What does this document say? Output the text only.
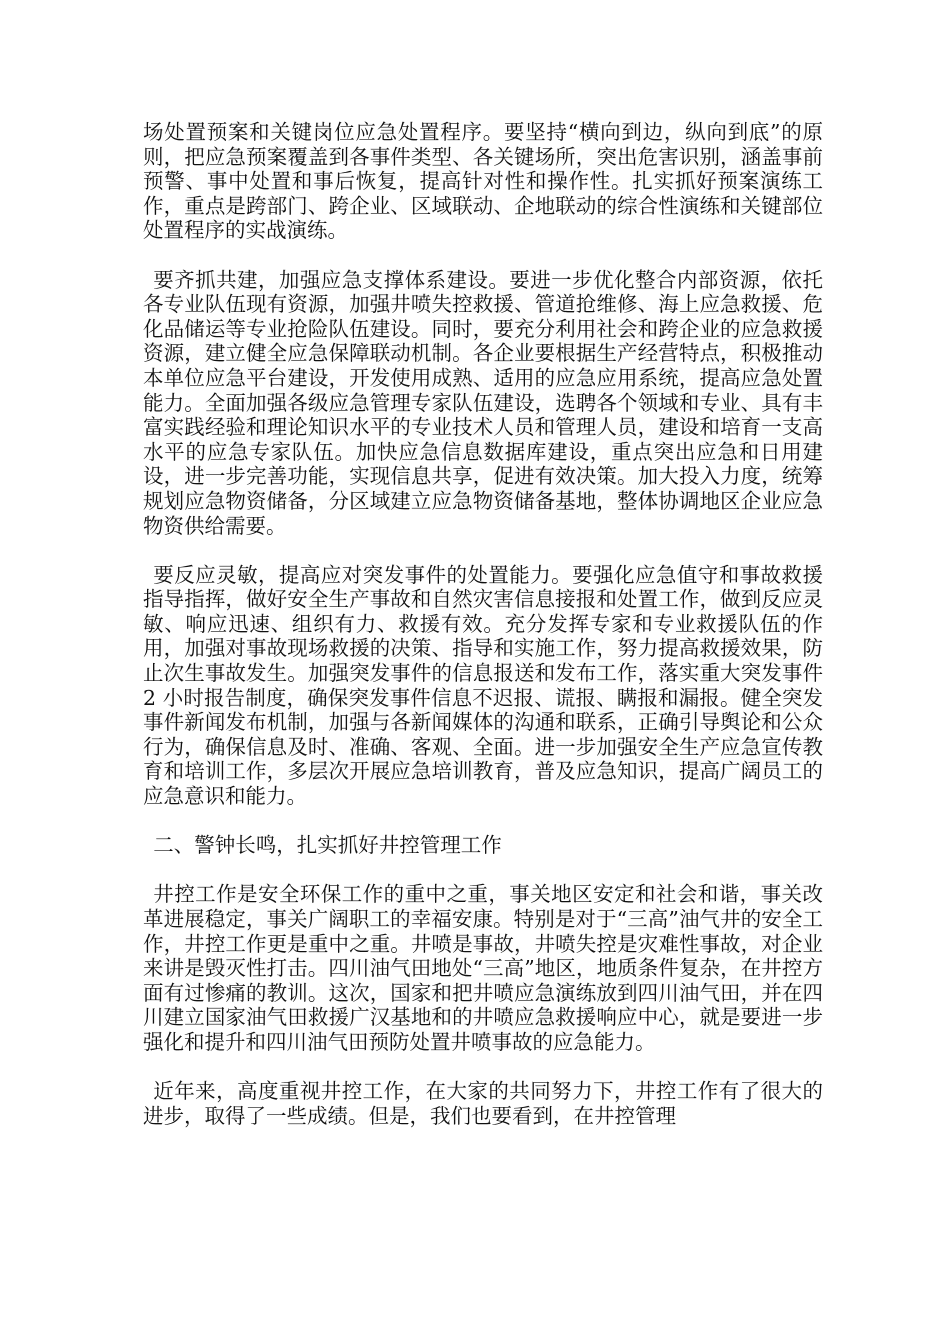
场处置预案和关键岗位应急处置程序。要坚持“横向到边，纵向到底”的原则，把应急预案覆盖到各事件类型、各关键场所，突出危害识别，涵盖事前预警、事中处置和事后恢复，提高针对性和操作性。扎实抓好预案演练工作，重点是跨部门、跨企业、区域联动、企地联动的综合性演练和关键部位处置程序的实战演练。

要齐抓共建，加强应急支撑体系建设。要进一步优化整合内部资源，依托各专业队伍现有资源，加强井喷失控救援、管道抢维修、海上应急救援、危化品储运等专业抢险队伍建设。同时，要充分利用社会和跨企业的应急救援资源，建立健全应急保障联动机制。各企业要根据生产经营特点，积极推动本单位应急平台建设，开发使用成熟、适用的应急应用系统，提高应急处置能力。全面加强各级应急管理专家队伍建设，选聘各个领域和专业、具有丰富实践经验和理论知识水平的专业技术人员和管理人员，建设和培育一支高水平的应急专家队伍。加快应急信息数据库建设，重点突出应急和日用建设，进一步完善功能，实现信息共享，促进有效决策。加大投入力度，统筹规划应急物资储备，分区域建立应急物资储备基地，整体协调地区企业应急物资供给需要。

要反应灵敏，提高应对突发事件的处置能力。要强化应急值守和事故救援指导指挥，做好安全生产事故和自然灾害信息接报和处置工作，做到反应灵敏、响应迅速、组织有力、救援有效。充分发挥专家和专业救援队伍的作用，加强对事故现场救援的决策、指导和实施工作，努力提高救援效果，防止次生事故发生。加强突发事件的信息报送和发布工作，落实重大突发事件 2 小时报告制度，确保突发事件信息不迟报、谎报、瞒报和漏报。健全突发事件新闻发布机制，加强与各新闻媒体的沟通和联系，正确引导舆论和公众行为，确保信息及时、准确、客观、全面。进一步加强安全生产应急宣传教育和培训工作，多层次开展应急培训教育，普及应急知识，提高广阔员工的应急意识和能力。

二、警钟长鸣，扎实抓好井控管理工作

井控工作是安全环保工作的重中之重，事关地区安定和社会和谐，事关改革进展稳定，事关广阔职工的幸福安康。特别是对于“三高”油气井的安全工作，井控工作更是重中之重。井喷是事故，井喷失控是灾难性事故，对企业来讲是毁灭性打击。四川油气田地处“三高”地区，地质条件复杂，在井控方面有过惨痛的教训。这次，国家和把井喷应急演练放到四川油气田，并在四川建立国家油气田救援广汉基地和的井喷应急救援响应中心，就是要进一步强化和提升和四川油气田预防处置井喷事故的应急能力。

近年来，高度重视井控工作，在大家的共同努力下，井控工作有了很大的进步，取得了一些成绩。但是，我们也要看到，在井控管理
